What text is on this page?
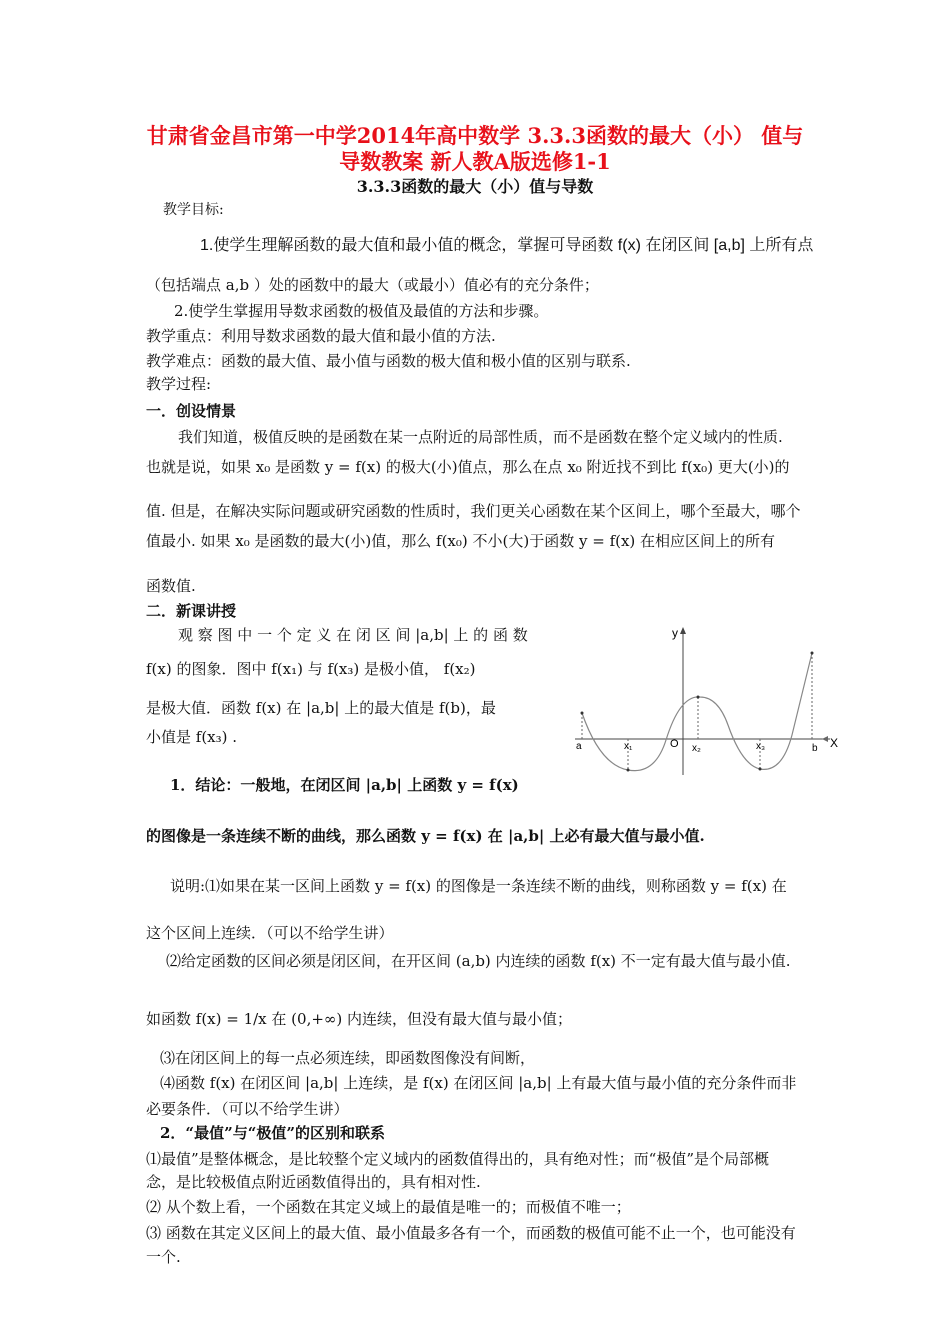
甘肃省金昌市第一中学2014年高中数学 3.3.3函数的最大（小） 值与
导数教案 新人教A版选修1-1
3.3.3函数的最大（小）值与导数
教学目标:
1.使学生理解函数的最大值和最小值的概念，掌握可导函数 f(x) 在闭区间 [a,b] 上所有点
（包括端点 a,b ）处的函数中的最大（或最小）值必有的充分条件；
2.使学生掌握用导数求函数的极值及最值的方法和步骤。
教学重点：利用导数求函数的最大值和最小值的方法.
教学难点：函数的最大值、最小值与函数的极大值和极小值的区别与联系.
教学过程:
一．创设情景
我们知道，极值反映的是函数在某一点附近的局部性质，而不是函数在整个定义域内的性质.
也就是说，如果 x₀ 是函数 y = f(x) 的极大(小)值点，那么在点 x₀ 附近找不到比 f(x₀) 更大(小)的
值. 但是，在解决实际问题或研究函数的性质时，我们更关心函数在某个区间上，哪个至最大，哪个
值最小. 如果 x₀ 是函数的最大(小)值，那么 f(x₀) 不小(大)于函数 y = f(x) 在相应区间上的所有
函数值.
二．新课讲授
观 察 图 中 一 个 定 义 在 闭 区 间 |a,b| 上 的 函 数
f(x) 的图象．图中 f(x₁) 与 f(x₃) 是极小值， f(x₂)
是极大值．函数 f(x) 在 |a,b| 上的最大值是 f(b)，最
小值是 f(x₃) .
y
X
O
a	x₁	x₂	x₃	b
1．结论：一般地，在闭区间 |a,b| 上函数 y = f(x)
的图像是一条连续不断的曲线，那么函数 y = f(x) 在 |a,b| 上必有最大值与最小值.
说明:⑴如果在某一区间上函数 y = f(x) 的图像是一条连续不断的曲线，则称函数 y = f(x) 在
这个区间上连续．（可以不给学生讲）
⑵给定函数的区间必须是闭区间，在开区间 (a,b) 内连续的函数 f(x) 不一定有最大值与最小值.
如函数 f(x) = 1/x 在 (0,+∞) 内连续，但没有最大值与最小值；
⑶在闭区间上的每一点必须连续，即函数图像没有间断，
⑷函数 f(x) 在闭区间 |a,b| 上连续，是 f(x) 在闭区间 |a,b| 上有最大值与最小值的充分条件而非
必要条件．（可以不给学生讲）
2．“最值”与“极值”的区别和联系
⑴最值”是整体概念，是比较整个定义域内的函数值得出的，具有绝对性；而“极值”是个局部概
念，是比较极值点附近函数值得出的，具有相对性.
⑵ 从个数上看，一个函数在其定义域上的最值是唯一的；而极值不唯一；
⑶ 函数在其定义区间上的最大值、最小值最多各有一个，而函数的极值可能不止一个，也可能没有
一个.
